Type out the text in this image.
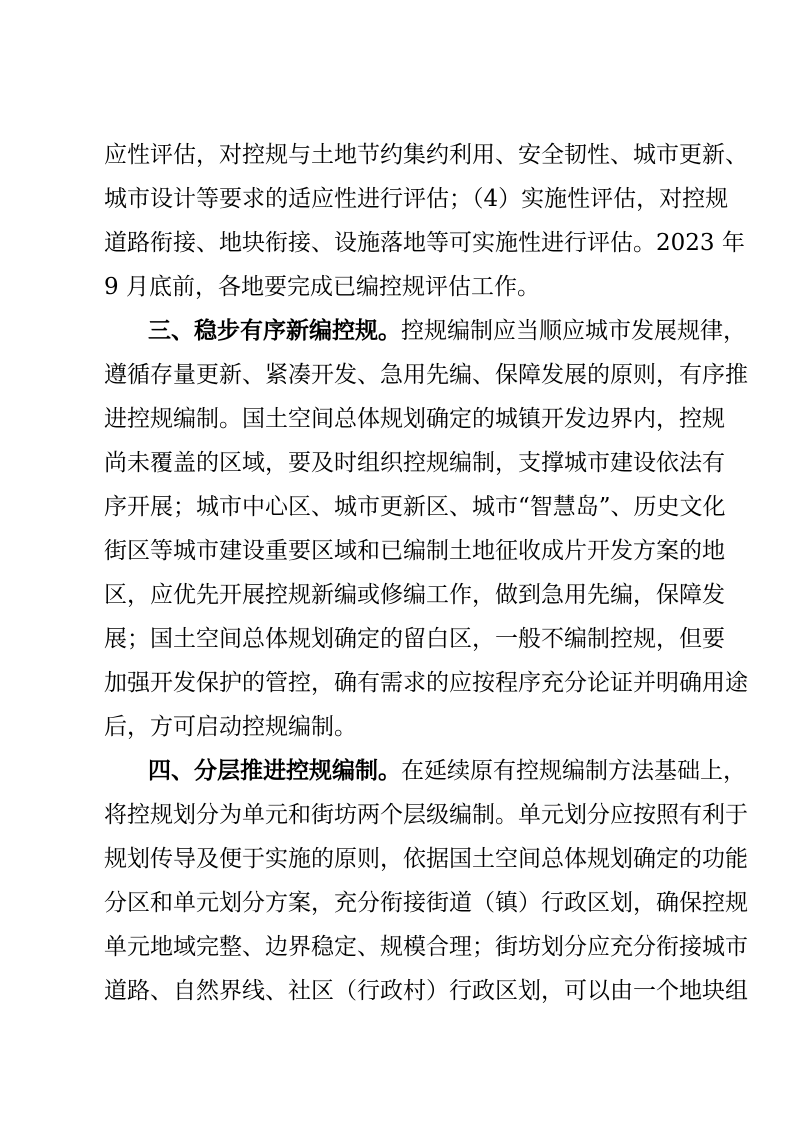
应性评估，对控规与土地节约集约利用、安全韧性、城市更新、
城市设计等要求的适应性进行评估；（4）实施性评估，对控规
道路衔接、地块衔接、设施落地等可实施性进行评估。2023 年
9 月底前，各地要完成已编控规评估工作。
三、稳步有序新编控规。控规编制应当顺应城市发展规律，
遵循存量更新、紧凑开发、急用先编、保障发展的原则，有序推
进控规编制。国土空间总体规划确定的城镇开发边界内，控规
尚未覆盖的区域，要及时组织控规编制，支撑城市建设依法有
序开展；城市中心区、城市更新区、城市“智慧岛”、历史文化
街区等城市建设重要区域和已编制土地征收成片开发方案的地
区，应优先开展控规新编或修编工作，做到急用先编，保障发
展；国土空间总体规划确定的留白区，一般不编制控规，但要
加强开发保护的管控，确有需求的应按程序充分论证并明确用途
后，方可启动控规编制。
四、分层推进控规编制。在延续原有控规编制方法基础上，
将控规划分为单元和街坊两个层级编制。单元划分应按照有利于
规划传导及便于实施的原则，依据国土空间总体规划确定的功能
分区和单元划分方案，充分衔接街道（镇）行政区划，确保控规
单元地域完整、边界稳定、规模合理；街坊划分应充分衔接城市
道路、自然界线、社区（行政村）行政区划，可以由一个地块组
